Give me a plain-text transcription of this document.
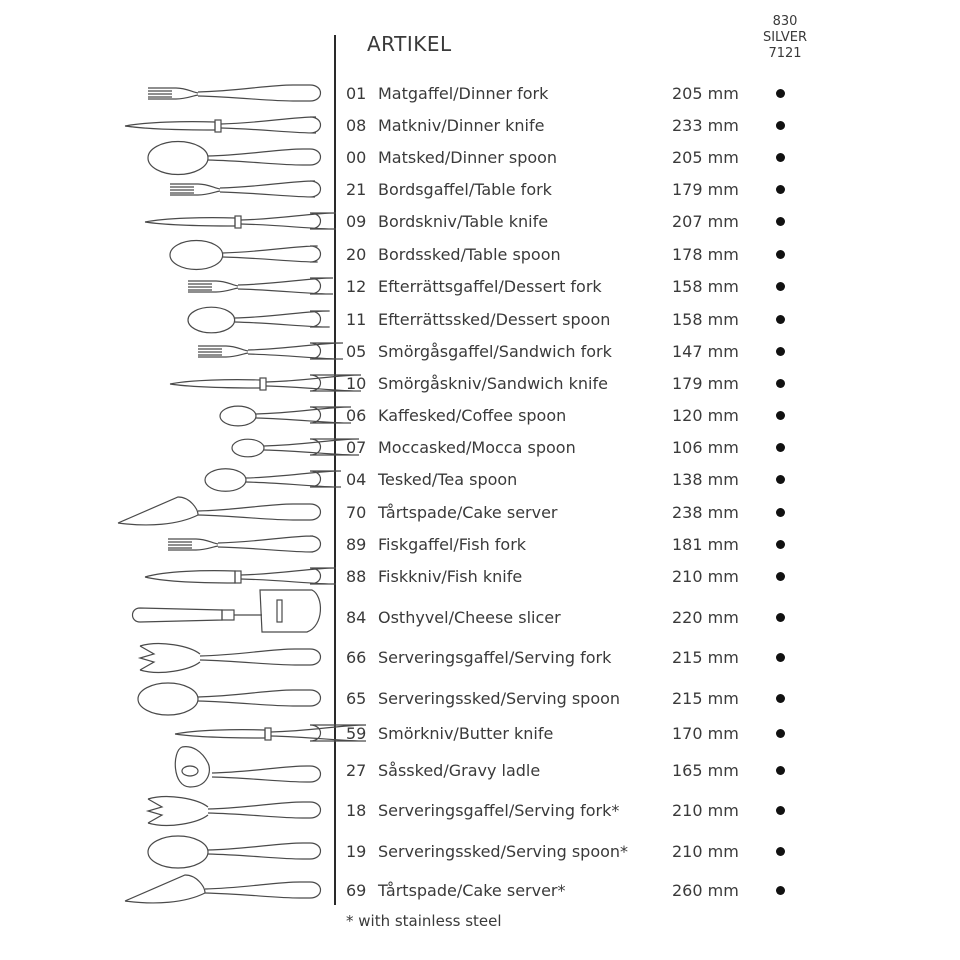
ARTIKEL
830
SILVER
7121
01 Matgaffel/Dinner fork	205 mm
08 Matkniv/Dinner knife	233 mm
00 Matsked/Dinner spoon	205 mm
21 Bordsgaffel/Table fork	179 mm
09 Bordskniv/Table knife	207 mm
20 Bordssked/Table spoon	178 mm
12 Efterrättsgaffel/Dessert fork	158 mm
11 Efterrättssked/Dessert spoon	158 mm
05 Smörgåsgaffel/Sandwich fork	147 mm
10 Smörgåskniv/Sandwich knife	179 mm
06 Kaffesked/Coffee spoon	120 mm
07 Moccasked/Mocca spoon	106 mm
04 Tesked/Tea spoon	138 mm
70 Tårtspade/Cake server	238 mm
89 Fiskgaffel/Fish fork	181 mm
88 Fiskkniv/Fish knife	210 mm
84 Osthyvel/Cheese slicer	220 mm
66 Serveringsgaffel/Serving fork	215 mm
65 Serveringssked/Serving spoon	215 mm
59 Smörkniv/Butter knife	170 mm
27 Såssked/Gravy ladle	165 mm
18 Serveringsgaffel/Serving fork*	210 mm
19 Serveringssked/Serving spoon*	210 mm
69 Tårtspade/Cake server*	260 mm
* with stainless steel
